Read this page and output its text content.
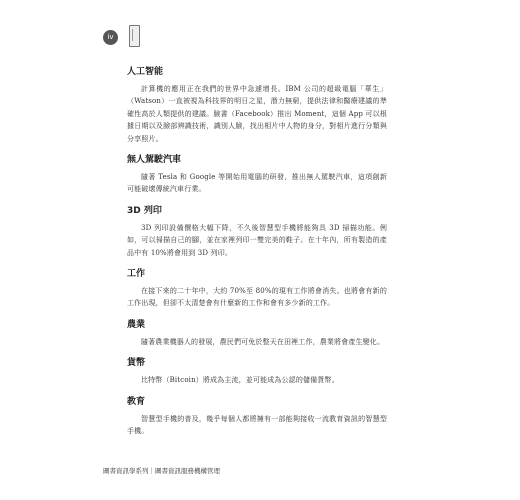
iv
人工智能

計算機的應用正在我們的世界中急遽增長。IBM 公司的超級電腦「華生」（Watson）一直被視為科技界的明日之星，潛力無窮，提供法律和醫療建議的準確性高於人類提供的建議。臉書（Facebook）推出 Moment，這個 App 可以根據日期以及臉部辨識技術，識別人臉，找出相片中人物的身分，對相片進行分類與分享照片。

無人駕駛汽車

隨著 Tesla 和 Google 等開始用電腦的研發，推出無人駕駛汽車，這項創新可能破壞傳統汽車行業。

3D 列印

3D 列印設備價格大幅下降，不久後智慧型手機將能夠具 3D 掃描功能。例如，可以掃描自己的腳，並在家裡列印一雙完美的鞋子。在十年內，所有製造的產品中有 10%將會用到 3D 列印。

工作

在接下來的二十年中，大約 70%至 80%的現有工作將會消失。也將會有新的工作出現，但卻不太清楚會有什麼新的工作和會有多少新的工作。

農業

隨著農業機器人的發展，農民們可免於整天在田裡工作，農業將會產生變化。

貨幣

比特幣（Bitcoin）將成為主流，並可能成為公認的儲備貨幣。

教育

智慧型手機的普及，幾乎每個人都將擁有一部能夠接收一流教育資訊的智慧型手機。

圖書資訊學系列｜圖書資訊服務機構管理
